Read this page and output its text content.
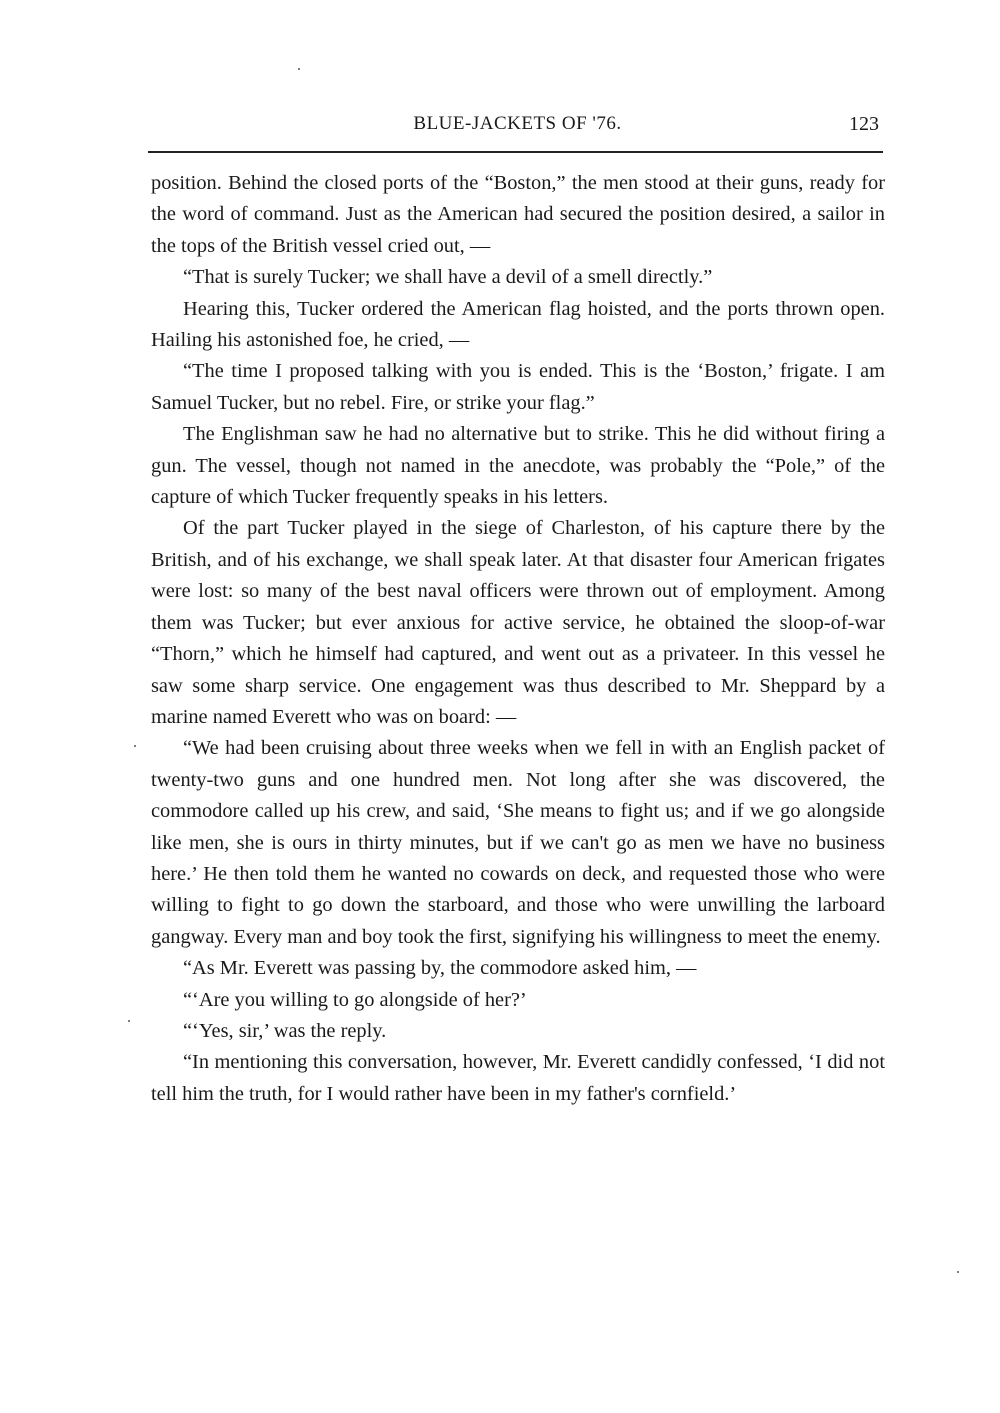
BLUE-JACKETS OF '76.	123

position. Behind the closed ports of the “Boston,” the men stood at their guns, ready for the word of command. Just as the American had secured the position desired, a sailor in the tops of the British vessel cried out, —

“That is surely Tucker; we shall have a devil of a smell directly.”

Hearing this, Tucker ordered the American flag hoisted, and the ports thrown open. Hailing his astonished foe, he cried, —

“The time I proposed talking with you is ended. This is the ‘Boston,’ frigate. I am Samuel Tucker, but no rebel. Fire, or strike your flag.”

The Englishman saw he had no alternative but to strike. This he did without firing a gun. The vessel, though not named in the anecdote, was probably the “Pole,” of the capture of which Tucker frequently speaks in his letters.

Of the part Tucker played in the siege of Charleston, of his capture there by the British, and of his exchange, we shall speak later. At that disaster four American frigates were lost: so many of the best naval officers were thrown out of employment. Among them was Tucker; but ever anxious for active service, he obtained the sloop-of-war “Thorn,” which he himself had captured, and went out as a privateer. In this vessel he saw some sharp service. One engagement was thus described to Mr. Sheppard by a marine named Everett who was on board: —

“We had been cruising about three weeks when we fell in with an English packet of twenty-two guns and one hundred men. Not long after she was discovered, the commodore called up his crew, and said, ‘She means to fight us; and if we go alongside like men, she is ours in thirty minutes, but if we can't go as men we have no business here.’ He then told them he wanted no cowards on deck, and requested those who were willing to fight to go down the starboard, and those who were unwilling the larboard gangway. Every man and boy took the first, signifying his willingness to meet the enemy.

“As Mr. Everett was passing by, the commodore asked him, —

“‘Are you willing to go alongside of her?’

“‘Yes, sir,’ was the reply.

“In mentioning this conversation, however, Mr. Everett candidly confessed, ‘I did not tell him the truth, for I would rather have been in my father's cornfield.’
